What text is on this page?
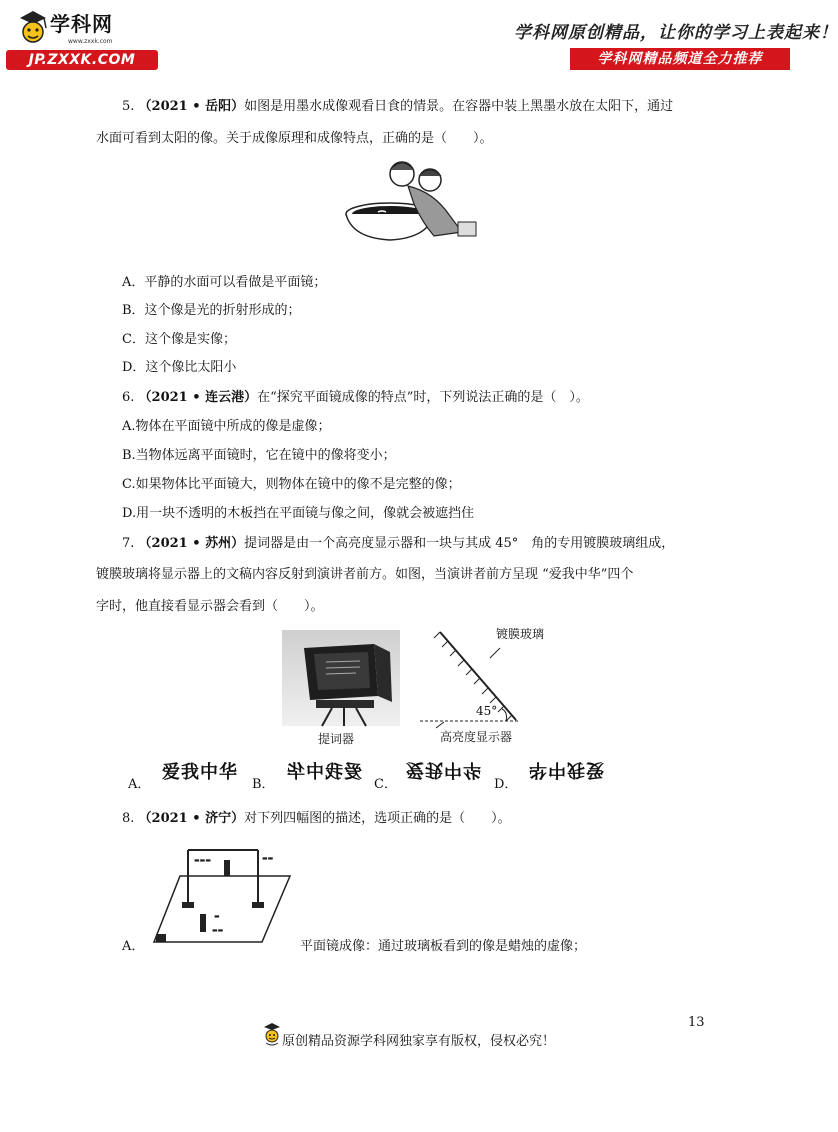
学科网
www.zxxk.com
JP.ZXXK.COM
学科网原创精品，让你的学习上表起来！
学科网精品频道全力推荐
5. （2021 • 岳阳）如图是用墨水成像观看日食的情景。在容器中装上黑墨水放在太阳下，通过
水面可看到太阳的像。关于成像原理和成像特点，正确的是（　　）。
A．平静的水面可以看做是平面镜；
B．这个像是光的折射形成的；
C．这个像是实像；
D．这个像比太阳小
6. （2021 • 连云港）在“探究平面镜成像的特点”时，下列说法正确的是（　）。
A.物体在平面镜中所成的像是虚像；
B.当物体远离平面镜时，它在镜中的像将变小；
C.如果物体比平面镜大，则物体在镜中的像不是完整的像；
D.用一块不透明的木板挡在平面镜与像之间，像就会被遮挡住
7. （2021 • 苏州）提词器是由一个高亮度显示器和一块与其成 45°　角的专用镀膜玻璃组成，
镀膜玻璃将显示器上的文稿内容反射到演讲者前方。如图，当演讲者前方呈现 “爱我中华”四个
字时，他直接看显示器会看到（　　）。
提词器
镀膜玻璃
45°
高亮度显示器
A．
爱我中华
B．
爱我中华
C．
爱我中华
D．
爱我中华
8. （2021 • 济宁）对下列四幅图的描述，选项正确的是（　　）。
▬▬▬	▬▬
▬
▬▬
A．	平面镜成像：通过玻璃板看到的像是蜡烛的虚像；
13
原创精品资源学科网独家享有版权，侵权必究！
